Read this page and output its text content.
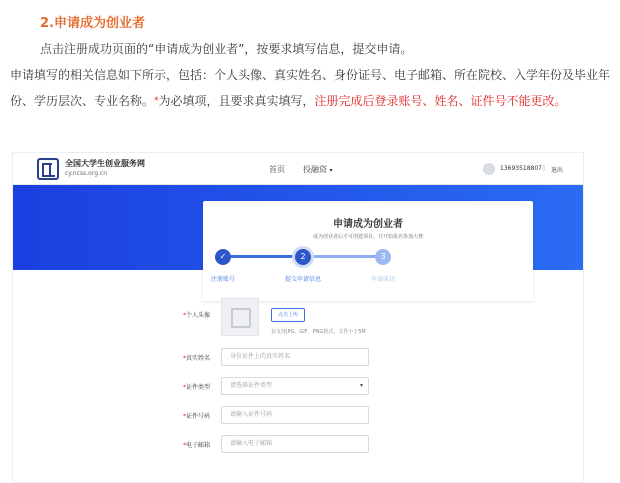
2.申请成为创业者
点击注册成功页面的“申请成为创业者”，按要求填写信息，提交申请。
申请填写的相关信息如下所示，包括：个人头像、真实姓名、身份证号、电子邮箱、所在院校、入学年份及毕业年份、学历层次、专业名称。*为必填项，且要求真实填写，注册完成后登录账号、姓名、证件号不能更改。
全国大学生创业服务网
cy.ncss.org.cn	首页 投融资 ▾	13693518807 | 退出
申请成为创业者
成为创业者后才可创建项目，并开始报名参加大赛
✓	2	3
注册账号	提交申请信息	申请成功
*个人头像	点击上传
仅支持JPG、GIF、PNG格式，文件小于5M
*真实姓名	身份证件上的真实姓名
*证件类型	请选择证件类型	▾
*证件号码	请输入证件号码
*电子邮箱	请输入电子邮箱
